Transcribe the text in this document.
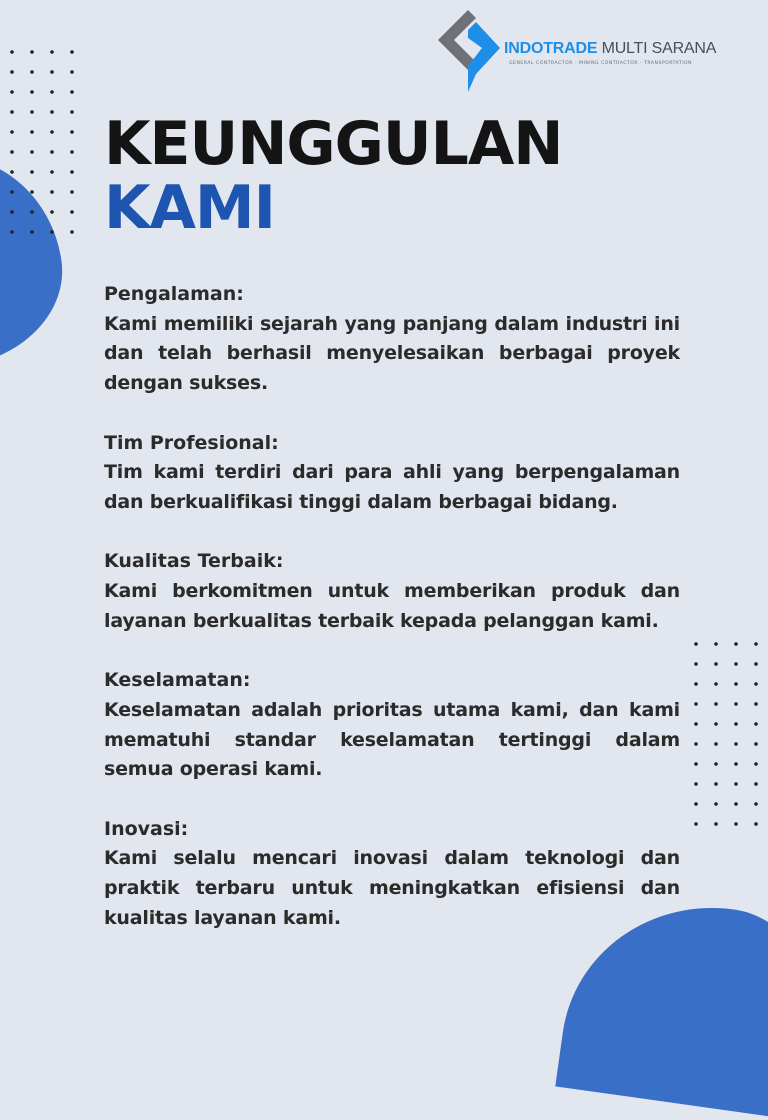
INDOTRADE MULTI SARANA
GENERAL CONTRACTOR - MINING CONTRACTOR - TRANSPORTATION
KEUNGGULAN
KAMI
Pengalaman:

Kami memiliki sejarah yang panjang dalam industri ini dan telah berhasil menyelesaikan berbagai proyek dengan sukses.

Tim Profesional:

Tim kami terdiri dari para ahli yang berpengalaman dan berkualifikasi tinggi dalam berbagai bidang.

Kualitas Terbaik:

Kami berkomitmen untuk memberikan produk dan layanan berkualitas terbaik kepada pelanggan kami.

Keselamatan:

Keselamatan adalah prioritas utama kami, dan kami mematuhi standar keselamatan tertinggi dalam semua operasi kami.

Inovasi:

Kami selalu mencari inovasi dalam teknologi dan praktik terbaru untuk meningkatkan efisiensi dan kualitas layanan kami.
